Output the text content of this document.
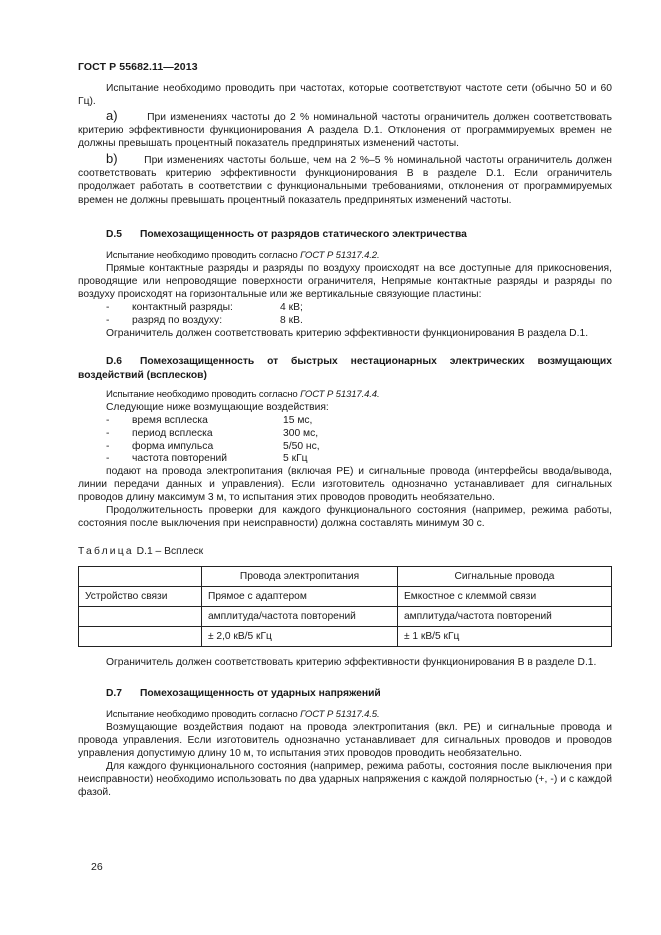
ГОСТ Р 55682.11—2013
Испытание необходимо проводить при частотах, которые соответствуют частоте сети (обычно 50 и 60 Гц).
a)	При изменениях частоты до 2 % номинальной частоты ограничитель должен соответствовать критерию эффективности функционирования А раздела D.1. Отклонения от программируемых времен не должны превышать процентный показатель предпринятых изменений частоты.
b)	При изменениях частоты больше, чем на 2 %–5 % номинальной частоты ограничитель должен соответствовать критерию эффективности функционирования В в разделе D.1. Если ограничитель продолжает работать в соответствии с функциональными требованиями, отклонения от программируемых времен не должны превышать процентный показатель предпринятых изменений частоты.
D.5 Помехозащищенность от разрядов статического электричества
Испытание необходимо проводить согласно ГОСТ Р 51317.4.2.
Прямые контактные разряды и разряды по воздуху происходят на все доступные для прикосновения, проводящие или непроводящие поверхности ограничителя, Непрямые контактные разряды и разряды по воздуху происходят на горизонтальные или же вертикальные связующие пластины:
- контактный разряды:	4 кВ;
- разряд по воздуху:	8 кВ.
Ограничитель должен соответствовать критерию эффективности функционирования В раздела D.1.
D.6 Помехозащищенность от быстрых нестационарных электрических возмущающих воздействий (всплесков)
Испытание необходимо проводить согласно ГОСТ Р 51317.4.4.
Следующие ниже возмущающие воздействия:
- время всплеска	15 мс,
- период всплеска	300 мс,
- форма импульса	5/50 нс,
- частота повторений	5 кГц
подают на провода электропитания (включая РЕ) и сигнальные провода (интерфейсы ввода/вывода, линии передачи данных и управления). Если изготовитель однозначно устанавливает для сигнальных проводов длину максимум 3 м, то испытания этих проводов проводить необязательно.
Продолжительность проверки для каждого функционального состояния (например, режима работы, состояния после выключения при неисправности) должна составлять минимум 30 с.
Таблица D.1 – Всплеск
	Провода электропитания	Сигнальные провода
Устройство связи	Прямое с адаптером	Емкостное с клеммой связи
	амплитуда/частота повторений	амплитуда/частота повторений
	± 2,0 кВ/5 кГц	± 1 кВ/5 кГц
Ограничитель должен соответствовать критерию эффективности функционирования В в разделе D.1.
D.7 Помехозащищенность от ударных напряжений
Испытание необходимо проводить согласно ГОСТ Р 51317.4.5.
Возмущающие воздействия подают на провода электропитания (вкл. РЕ) и сигнальные провода и провода управления. Если изготовитель однозначно устанавливает для сигнальных проводов и проводов управления допустимую длину 10 м, то испытания этих проводов проводить необязательно.
Для каждого функционального состояния (например, режима работы, состояния после выключения при неисправности) необходимо использовать по два ударных напряжения с каждой полярностью (+, -) и с каждой фазой.
26
